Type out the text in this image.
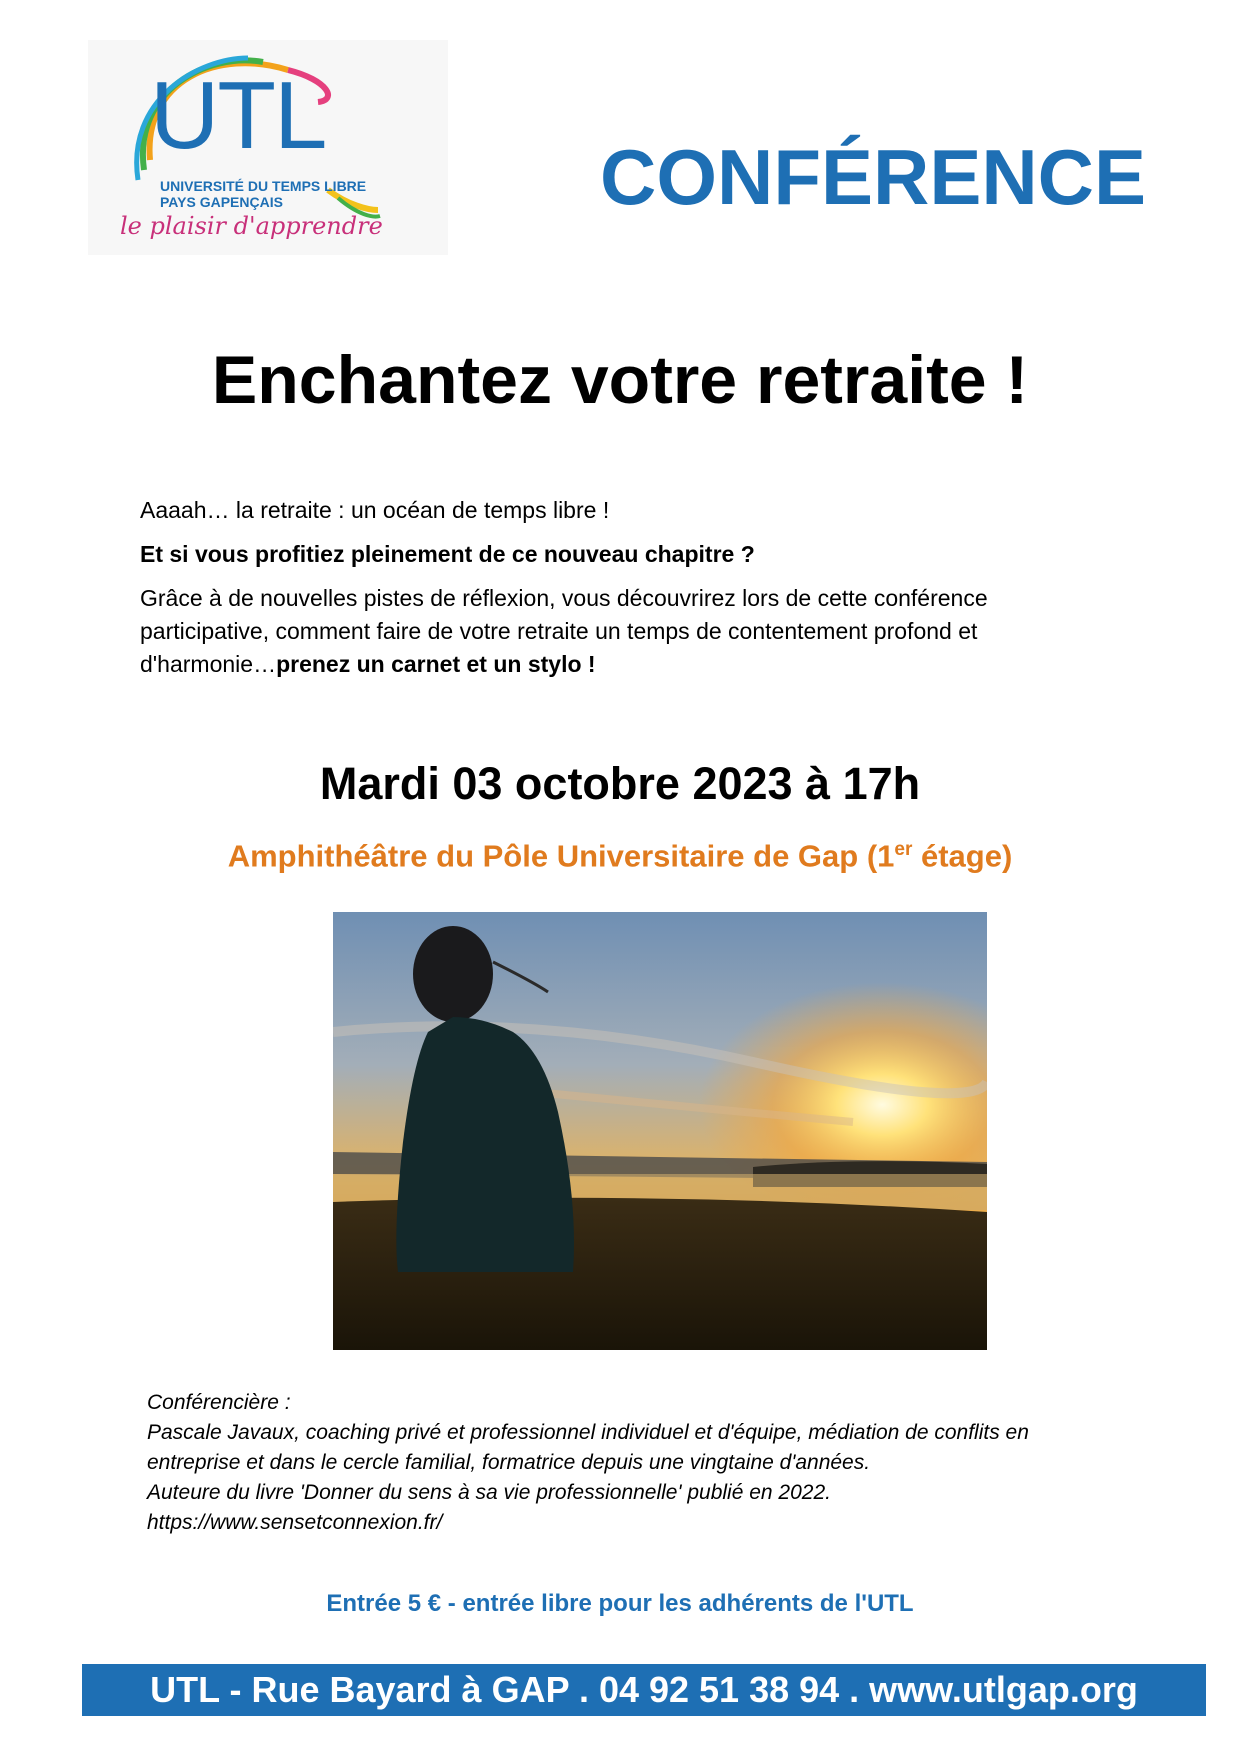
UTL
UNIVERSITÉ DU TEMPS LIBRE
PAYS GAPENÇAIS
le plaisir d'apprendre
CONFÉRENCE
Enchantez votre retraite !
Aaaah… la retraite : un océan de temps libre !
Et si vous profitiez pleinement de ce nouveau chapitre ?
Grâce à de nouvelles pistes de réflexion, vous découvrirez lors de cette conférence participative, comment faire de votre retraite un temps de contentement profond et d'harmonie…prenez un carnet et un stylo !
Mardi 03 octobre 2023 à 17h
Amphithéâtre du Pôle Universitaire de Gap (1er étage)
Conférencière :
Pascale Javaux, coaching privé et professionnel individuel et d'équipe, médiation de conflits en entreprise et dans le cercle familial, formatrice depuis une vingtaine d'années.
Auteure du livre 'Donner du sens à sa vie professionnelle' publié en 2022.
https://www.sensetconnexion.fr/
Entrée 5 € - entrée libre pour les adhérents de l'UTL
UTL - Rue Bayard à GAP . 04 92 51 38 94 . www.utlgap.org
